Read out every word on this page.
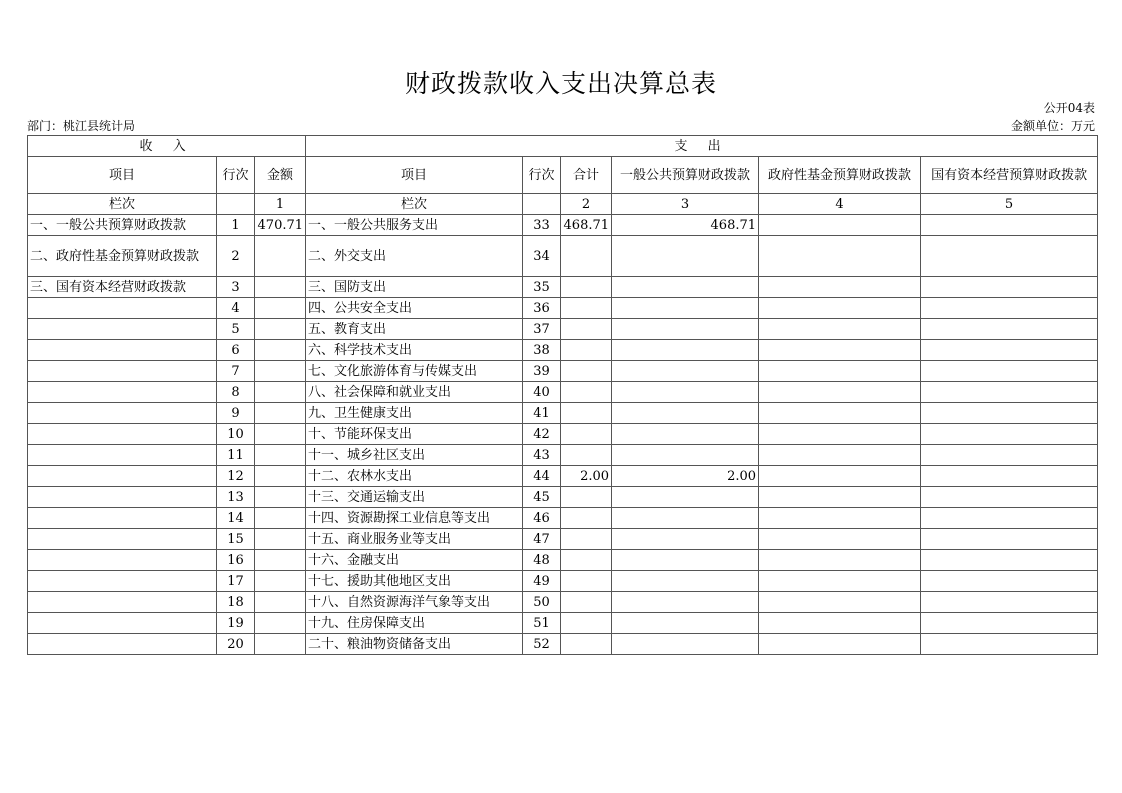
财政拨款收入支出决算总表
公开04表
部门：桃江县统计局	金额单位：万元
收 入			支 出					
项目	行次	金额	项目	行次	合计	一般公共预算财政拨款	政府性基金预算财政拨款	国有资本经营预算财政拨款
栏次		1	栏次		2	3	4	5
一、一般公共预算财政拨款	1	470.71	一、一般公共服务支出	33	468.71	468.71		
二、政府性基金预算财政拨款	2		二、外交支出	34				
三、国有资本经营财政拨款	3		三、国防支出	35				
	4		四、公共安全支出	36				
	5		五、教育支出	37				
	6		六、科学技术支出	38				
	7		七、文化旅游体育与传媒支出	39				
	8		八、社会保障和就业支出	40				
	9		九、卫生健康支出	41				
	10		十、节能环保支出	42				
	11		十一、城乡社区支出	43				
	12		十二、农林水支出	44	2.00	2.00		
	13		十三、交通运输支出	45				
	14		十四、资源勘探工业信息等支出	46				
	15		十五、商业服务业等支出	47				
	16		十六、金融支出	48				
	17		十七、援助其他地区支出	49				
	18		十八、自然资源海洋气象等支出	50				
	19		十九、住房保障支出	51				
	20		二十、粮油物资储备支出	52				
